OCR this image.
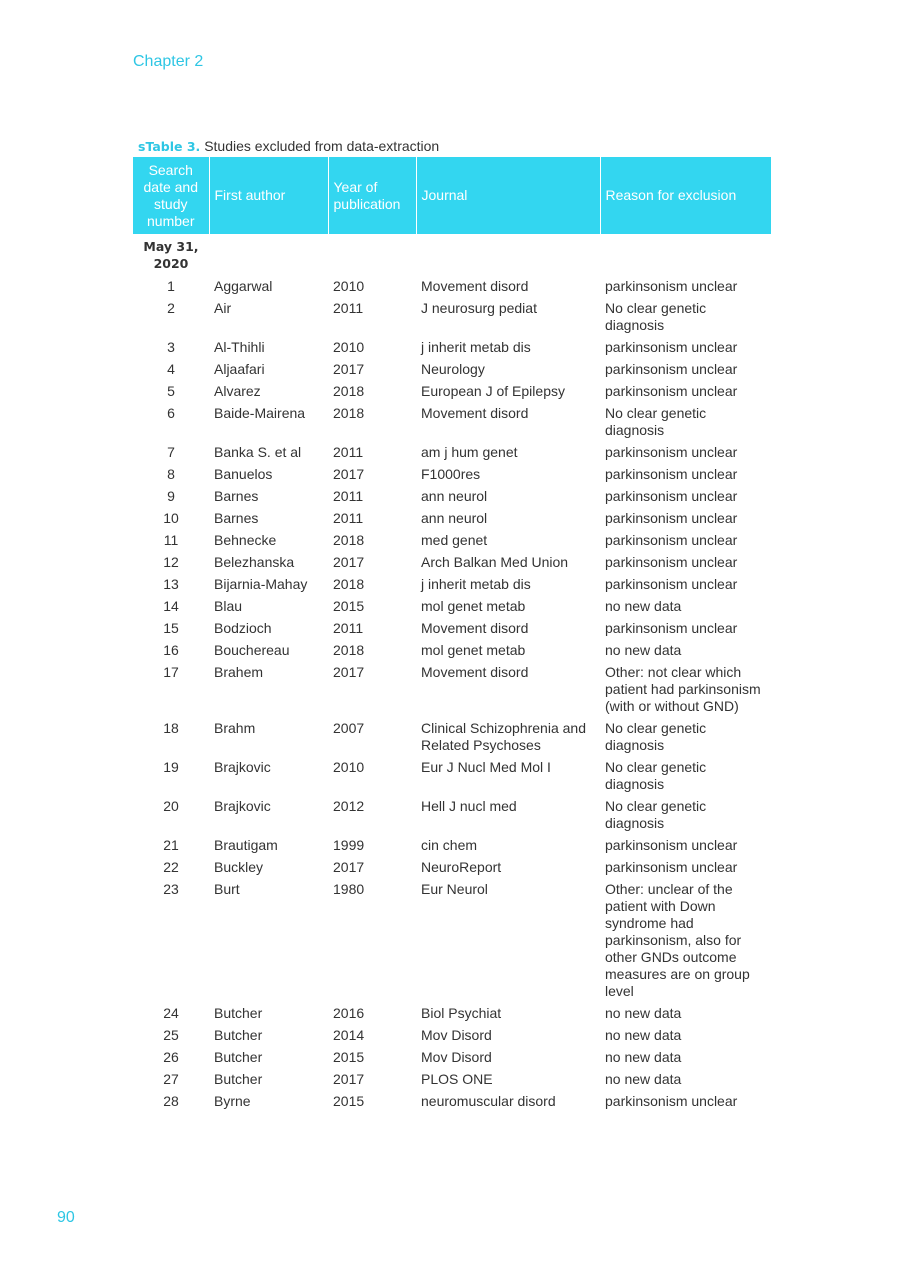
Chapter 2
sTable 3. Studies excluded from data-extraction
Search date and study number	First author	Year of publication	Journal	Reason for exclusion
May 31, 2020				
1	Aggarwal	2010	Movement disord	parkinsonism unclear
2	Air	2011	J neurosurg pediat	No clear genetic diagnosis
3	Al-Thihli	2010	j inherit metab dis	parkinsonism unclear
4	Aljaafari	2017	Neurology	parkinsonism unclear
5	Alvarez	2018	European J of Epilepsy	parkinsonism unclear
6	Baide-Mairena	2018	Movement disord	No clear genetic diagnosis
7	Banka S. et al	2011	am j hum genet	parkinsonism unclear
8	Banuelos	2017	F1000res	parkinsonism unclear
9	Barnes	2011	ann neurol	parkinsonism unclear
10	Barnes	2011	ann neurol	parkinsonism unclear
11	Behnecke	2018	med genet	parkinsonism unclear
12	Belezhanska	2017	Arch Balkan Med Union	parkinsonism unclear
13	Bijarnia-Mahay	2018	j inherit metab dis	parkinsonism unclear
14	Blau	2015	mol genet metab	no new data
15	Bodzioch	2011	Movement disord	parkinsonism unclear
16	Bouchereau	2018	mol genet metab	no new data
17	Brahem	2017	Movement disord	Other: not clear which patient had parkinsonism (with or without GND)
18	Brahm	2007	Clinical Schizophrenia and Related Psychoses	No clear genetic diagnosis
19	Brajkovic	2010	Eur J Nucl Med Mol I	No clear genetic diagnosis
20	Brajkovic	2012	Hell J nucl med	No clear genetic diagnosis
21	Brautigam	1999	cin chem	parkinsonism unclear
22	Buckley	2017	NeuroReport	parkinsonism unclear
23	Burt	1980	Eur Neurol	Other: unclear of the patient with Down syndrome had parkinsonism, also for other GNDs outcome measures are on group level
24	Butcher	2016	Biol Psychiat	no new data
25	Butcher	2014	Mov Disord	no new data
26	Butcher	2015	Mov Disord	no new data
27	Butcher	2017	PLOS ONE	no new data
28	Byrne	2015	neuromuscular disord	parkinsonism unclear
90
